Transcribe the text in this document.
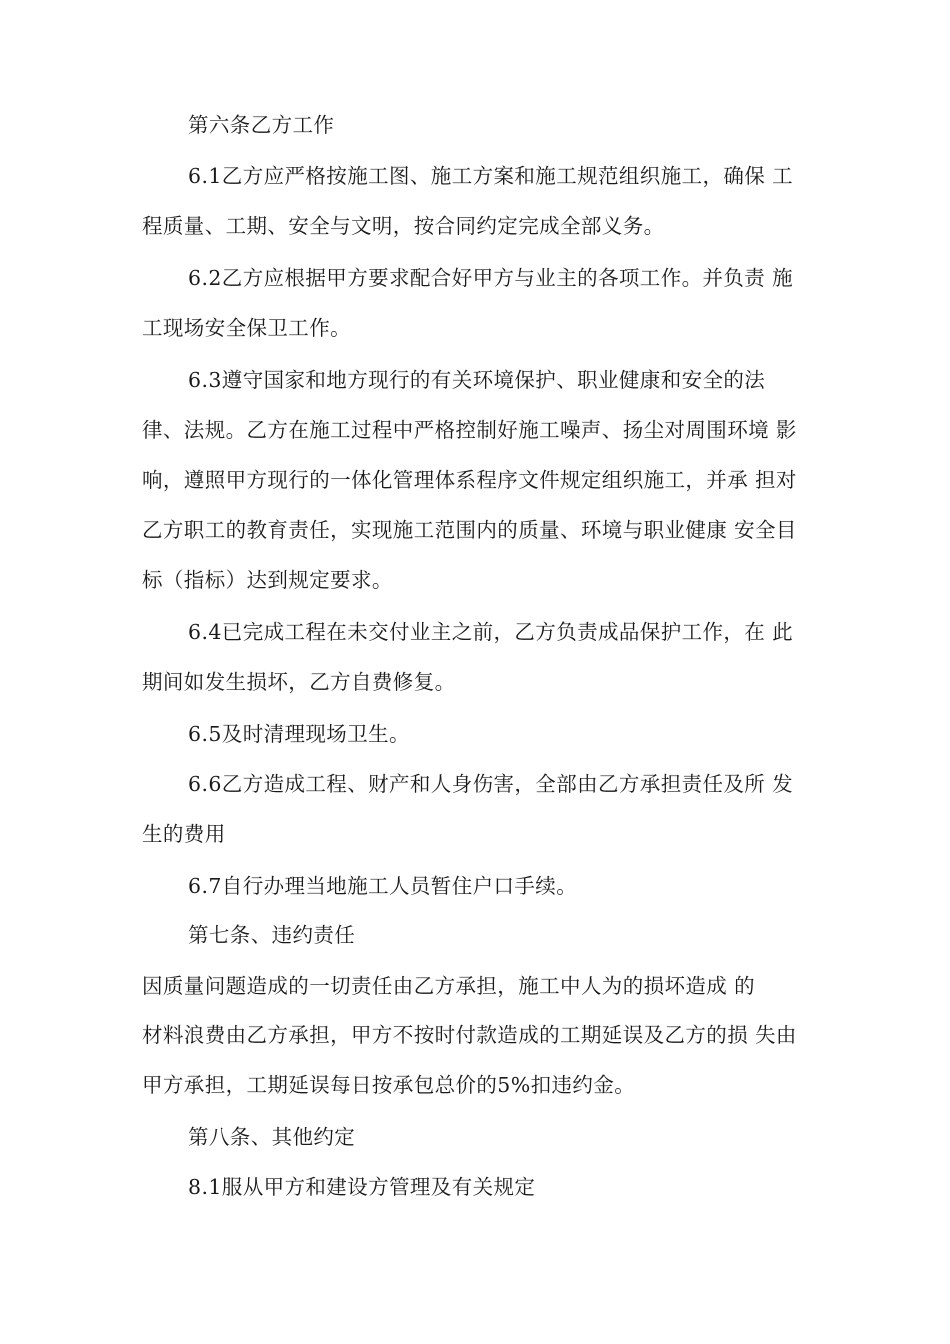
第六条乙方工作
6.1乙方应严格按施工图、施工方案和施工规范组织施工，确保 工
程质量、工期、安全与文明，按合同约定完成全部义务。
6.2乙方应根据甲方要求配合好甲方与业主的各项工作。并负责 施
工现场安全保卫工作。
6.3遵守国家和地方现行的有关环境保护、职业健康和安全的法
律、法规。乙方在施工过程中严格控制好施工噪声、扬尘对周围环境 影
响，遵照甲方现行的一体化管理体系程序文件规定组织施工，并承 担对
乙方职工的教育责任，实现施工范围内的质量、环境与职业健康 安全目
标（指标）达到规定要求。
6.4已完成工程在未交付业主之前，乙方负责成品保护工作，在 此
期间如发生损坏，乙方自费修复。
6.5及时清理现场卫生。
6.6乙方造成工程、财产和人身伤害，全部由乙方承担责任及所 发
生的费用
6.7自行办理当地施工人员暂住户口手续。
第七条、违约责任
因质量问题造成的一切责任由乙方承担，施工中人为的损坏造成 的
材料浪费由乙方承担，甲方不按时付款造成的工期延误及乙方的损 失由
甲方承担，工期延误每日按承包总价的5%扣违约金。
第八条、其他约定
8.1服从甲方和建设方管理及有关规定
